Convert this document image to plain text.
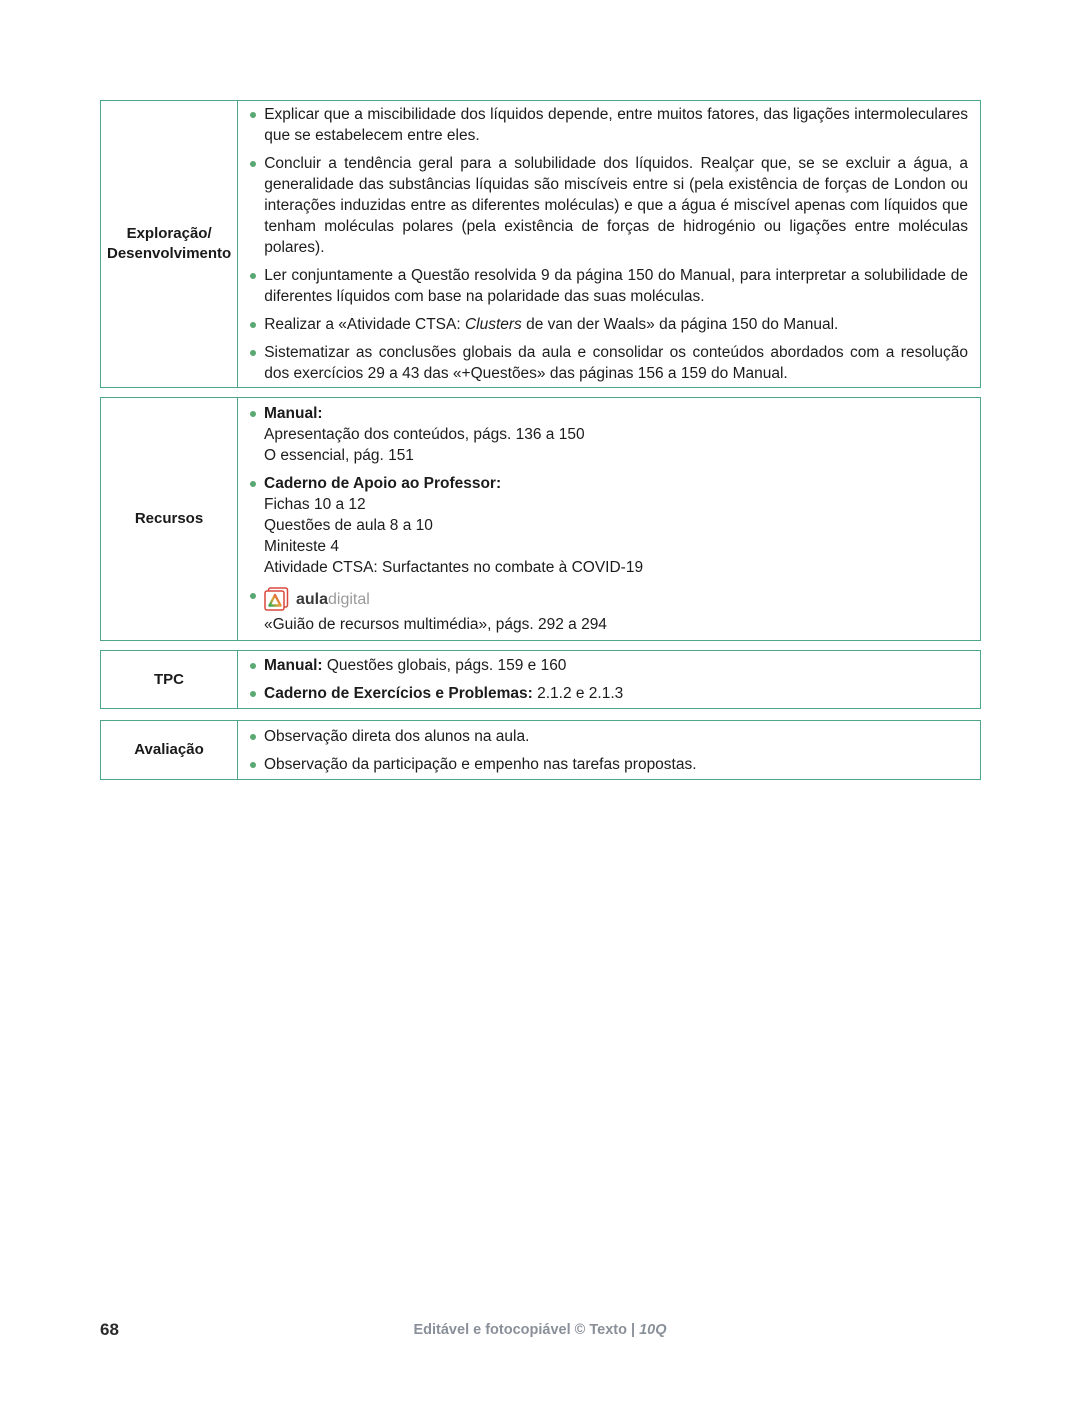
Exploração/
Desenvolvimento
Explicar que a miscibilidade dos líquidos depende, entre muitos fatores, das ligações intermoleculares que se estabelecem entre eles.
Concluir a tendência geral para a solubilidade dos líquidos. Realçar que, se se excluir a água, a generalidade das substâncias líquidas são miscíveis entre si (pela existência de forças de London ou interações induzidas entre as diferentes moléculas) e que a água é miscível apenas com líquidos que tenham moléculas polares (pela existência de forças de hidrogénio ou ligações entre moléculas polares).
Ler conjuntamente a Questão resolvida 9 da página 150 do Manual, para interpretar a solubilidade de diferentes líquidos com base na polaridade das suas moléculas.
Realizar a «Atividade CTSA: Clusters de van der Waals» da página 150 do Manual.
Sistematizar as conclusões globais da aula e consolidar os conteúdos abordados com a resolução dos exercícios 29 a 43 das «+Questões» das páginas 156 a 159 do Manual.
Recursos
Manual:
Apresentação dos conteúdos, págs. 136 a 150
O essencial, pág. 151
Caderno de Apoio ao Professor:
Fichas 10 a 12
Questões de aula 8 a 10
Miniteste 4
Atividade CTSA: Surfactantes no combate à COVID-19
auladigital
«Guião de recursos multimédia», págs. 292 a 294
TPC
Manual: Questões globais, págs. 159 e 160
Caderno de Exercícios e Problemas: 2.1.2 e 2.1.3
Avaliação
Observação direta dos alunos na aula.
Observação da participação e empenho nas tarefas propostas.
68	Editável e fotocopiável © Texto | 10Q
